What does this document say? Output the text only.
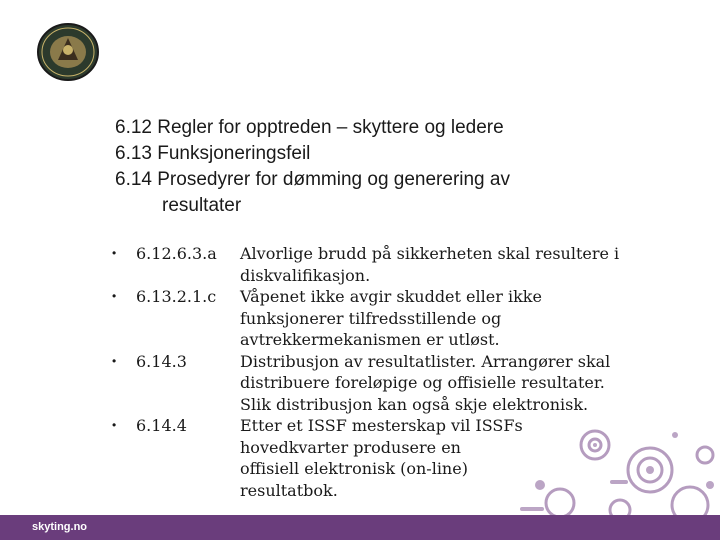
6.12 Regler for opptreden – skyttere og ledere
6.13 Funksjoneringsfeil
6.14 Prosedyrer for dømming og generering av
resultater
•	6.12.6.3.a	Alvorlige brudd på sikkerheten skal resultere i
diskvalifikasjon.
•	6.13.2.1.c	Våpenet ikke avgir skuddet eller ikke
funksjonerer tilfredsstillende og
avtrekkermekanismen er utløst.
•	6.14.3	Distribusjon av resultatlister. Arrangører skal
distribuere foreløpige og offisielle resultater.
Slik distribusjon kan også skje elektronisk.
•	6.14.4	Etter et ISSF mesterskap vil ISSFs
hovedkvarter produsere en
offisiell elektronisk (on-line)
resultatbok.
skyting.no
